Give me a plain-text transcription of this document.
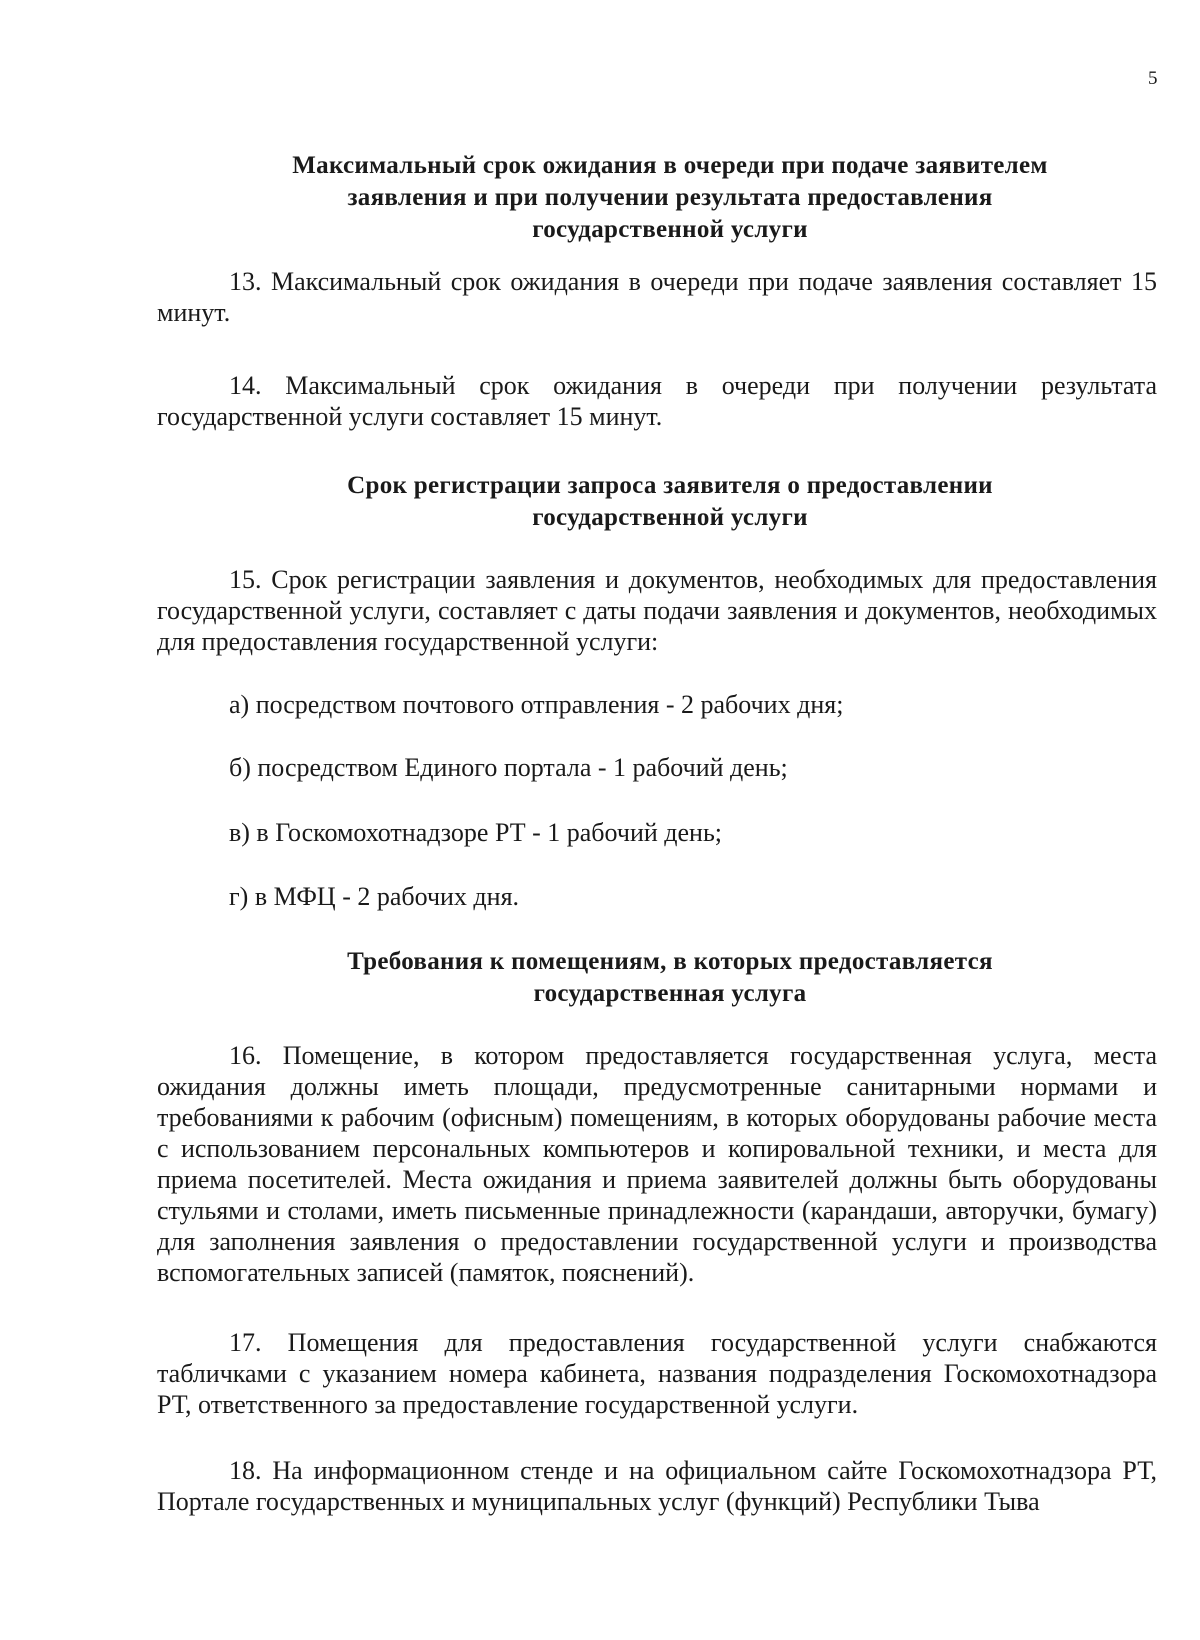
5
Максимальный срок ожидания в очереди при подаче заявителем
заявления и при получении результата предоставления
государственной услуги

13. Максимальный срок ожидания в очереди при подаче заявления составляет 15 минут.

14. Максимальный срок ожидания в очереди при получении результата государственной услуги составляет 15 минут.

Срок регистрации запроса заявителя о предоставлении
государственной услуги

15. Срок регистрации заявления и документов, необходимых для предоставления государственной услуги, составляет с даты подачи заявления и документов, необходимых для предоставления государственной услуги:

а) посредством почтового отправления - 2 рабочих дня;
б) посредством Единого портала - 1 рабочий день;
в) в Госкомохотнадзоре РТ - 1 рабочий день;
г) в МФЦ - 2 рабочих дня.
Требования к помещениям, в которых предоставляется
государственная услуга

16. Помещение, в котором предоставляется государственная услуга, места ожидания должны иметь площади, предусмотренные санитарными нормами и требованиями к рабочим (офисным) помещениям, в которых оборудованы рабочие места с использованием персональных компьютеров и копировальной техники, и места для приема посетителей. Места ожидания и приема заявителей должны быть оборудованы стульями и столами, иметь письменные принадлежности (карандаши, авторучки, бумагу) для заполнения заявления о предоставлении государственной услуги и производства вспомогательных записей (памяток, пояснений).

17. Помещения для предоставления государственной услуги снабжаются табличками с указанием номера кабинета, названия подразделения Госкомохотнадзора РТ, ответственного за предоставление государственной услуги.

18. На информационном стенде и на официальном сайте Госкомохотнадзора РТ, Портале государственных и муниципальных услуг (функций) Республики Тыва
